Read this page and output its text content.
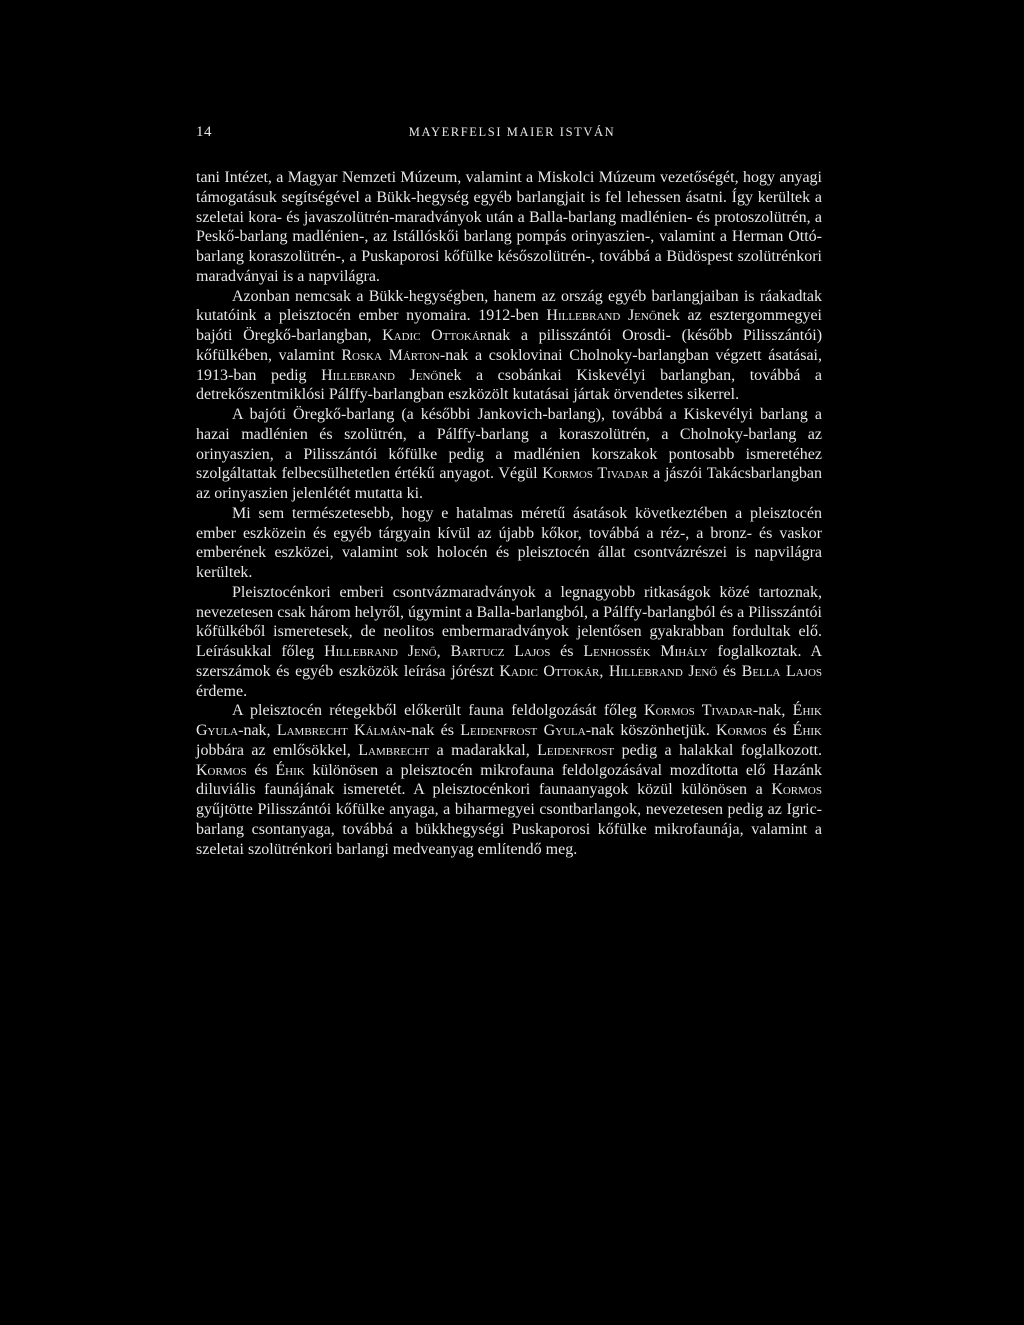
14	MAYERFELSI MAIER ISTVÁN

tani Intézet, a Magyar Nemzeti Múzeum, valamint a Miskolci Múzeum vezetőségét, hogy anyagi támogatásuk segítségével a Bükk-hegység egyéb barlangjait is fel lehessen ásatni. Így kerültek a szeletai kora- és javaszolütrén-maradványok után a Balla-barlang madlénien- és protoszolütrén, a Peskő-barlang madlénien-, az Istállóskői barlang pompás orinyaszien-, valamint a Herman Ottó-barlang koraszolütrén-, a Puskaporosi kőfülke későszolütrén-, továbbá a Büdöspest szolütrénkori maradványai is a napvilágra.

Azonban nemcsak a Bükk-hegységben, hanem az ország egyéb barlangjaiban is ráakadtak kutatóink a pleisztocén ember nyomaira. 1912-ben Hillebrand Jenőnek az esztergommegyei bajóti Öregkő-barlangban, Kadic Ottokárnak a pilisszántói Orosdi- (később Pilisszántói) kőfülkében, valamint Roska Márton-nak a csoklovinai Cholnoky-barlangban végzett ásatásai, 1913-ban pedig Hillebrand Jenőnek a csobánkai Kiskevélyi barlangban, továbbá a detrekőszentmiklósi Pálffy-barlangban eszközölt kutatásai jártak örvendetes sikerrel.

A bajóti Öregkő-barlang (a későbbi Jankovich-barlang), továbbá a Kiskevélyi barlang a hazai madlénien és szolütrén, a Pálffy-barlang a koraszolütrén, a Cholnoky-barlang az orinyaszien, a Pilisszántói kőfülke pedig a madlénien korszakok pontosabb ismeretéhez szolgáltattak felbecsülhetetlen értékű anyagot. Végül Kormos Tivadar a jászói Takácsbarlangban az orinyaszien jelenlétét mutatta ki.

Mi sem természetesebb, hogy e hatalmas méretű ásatások következtében a pleisztocén ember eszközein és egyéb tárgyain kívül az újabb kőkor, továbbá a réz-, a bronz- és vaskor emberének eszközei, valamint sok holocén és pleisztocén állat csontvázrészei is napvilágra kerültek.

Pleisztocénkori emberi csontvázmaradványok a legnagyobb ritkaságok közé tartoznak, nevezetesen csak három helyről, úgymint a Balla-barlangból, a Pálffy-barlangból és a Pilisszántói kőfülkéből ismeretesek, de neolitos embermaradványok jelentősen gyakrabban fordultak elő. Leírásukkal főleg Hillebrand Jenő, Bartucz Lajos és Lenhossék Mihály foglalkoztak. A szerszámok és egyéb eszközök leírása jórészt Kadic Ottokár, Hillebrand Jenő és Bella Lajos érdeme.

A pleisztocén rétegekből előkerült fauna feldolgozását főleg Kormos Tivadar-nak, Éhik Gyula-nak, Lambrecht Kálmán-nak és Leidenfrost Gyula-nak köszönhetjük. Kormos és Éhik jobbára az emlősökkel, Lambrecht a madarakkal, Leidenfrost pedig a halakkal foglalkozott. Kormos és Éhik különösen a pleisztocén mikrofauna feldolgozásával mozdította elő Hazánk diluviális faunájának ismeretét. A pleisztocénkori faunaanyagok közül különösen a Kormos gyűjtötte Pilisszántói kőfülke anyaga, a biharmegyei csontbarlangok, nevezetesen pedig az Igric-barlang csontanyaga, továbbá a bükkhegységi Puskaporosi kőfülke mikrofaunája, valamint a szeletai szolütrénkori barlangi medveanyag említendő meg.
